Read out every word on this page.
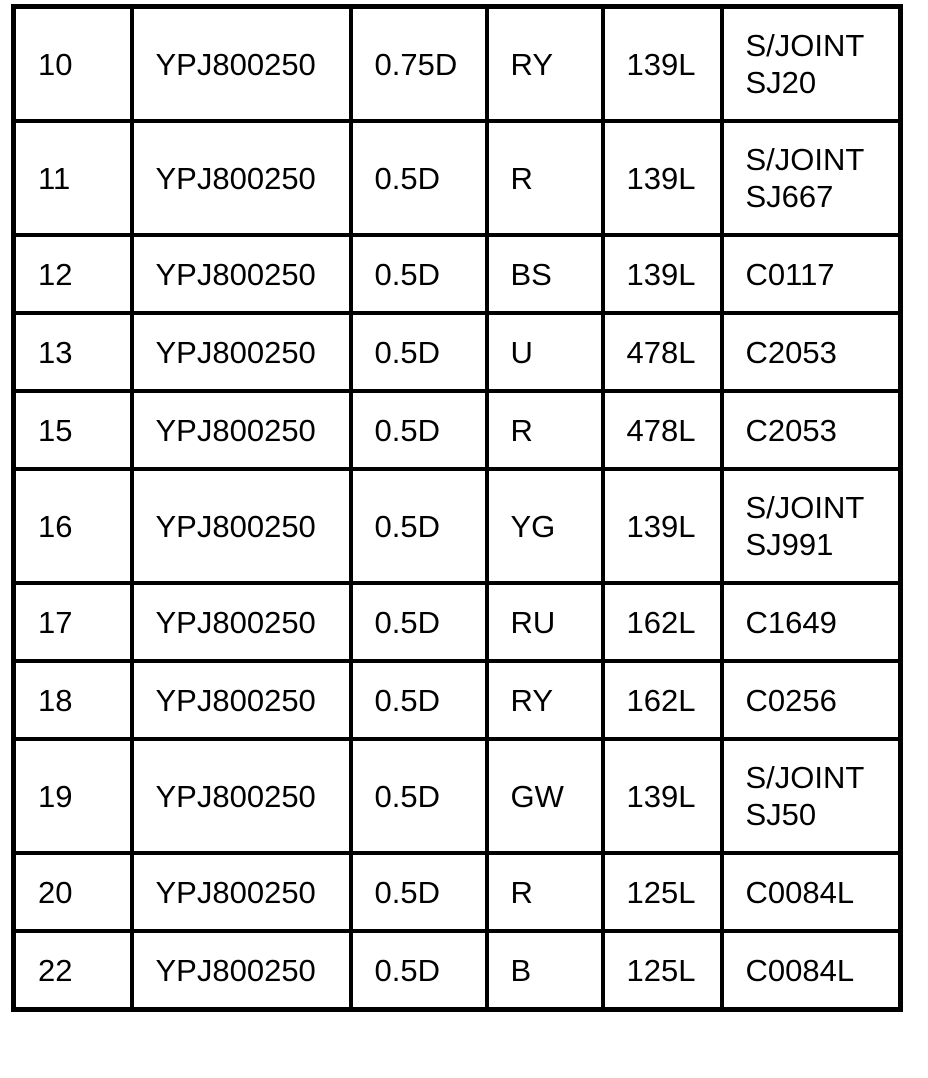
10	YPJ800250	0.75D	RY	139L	S/JOINT
SJ20

11	YPJ800250	0.5D	R	139L	S/JOINT
SJ667

12	YPJ800250	0.5D	BS	139L	C0117

13	YPJ800250	0.5D	U	478L	C2053

15	YPJ800250	0.5D	R	478L	C2053

16	YPJ800250	0.5D	YG	139L	S/JOINT
SJ991

17	YPJ800250	0.5D	RU	162L	C1649

18	YPJ800250	0.5D	RY	162L	C0256

19	YPJ800250	0.5D	GW	139L	S/JOINT
SJ50

20	YPJ800250	0.5D	R	125L	C0084L

22	YPJ800250	0.5D	B	125L	C0084L
